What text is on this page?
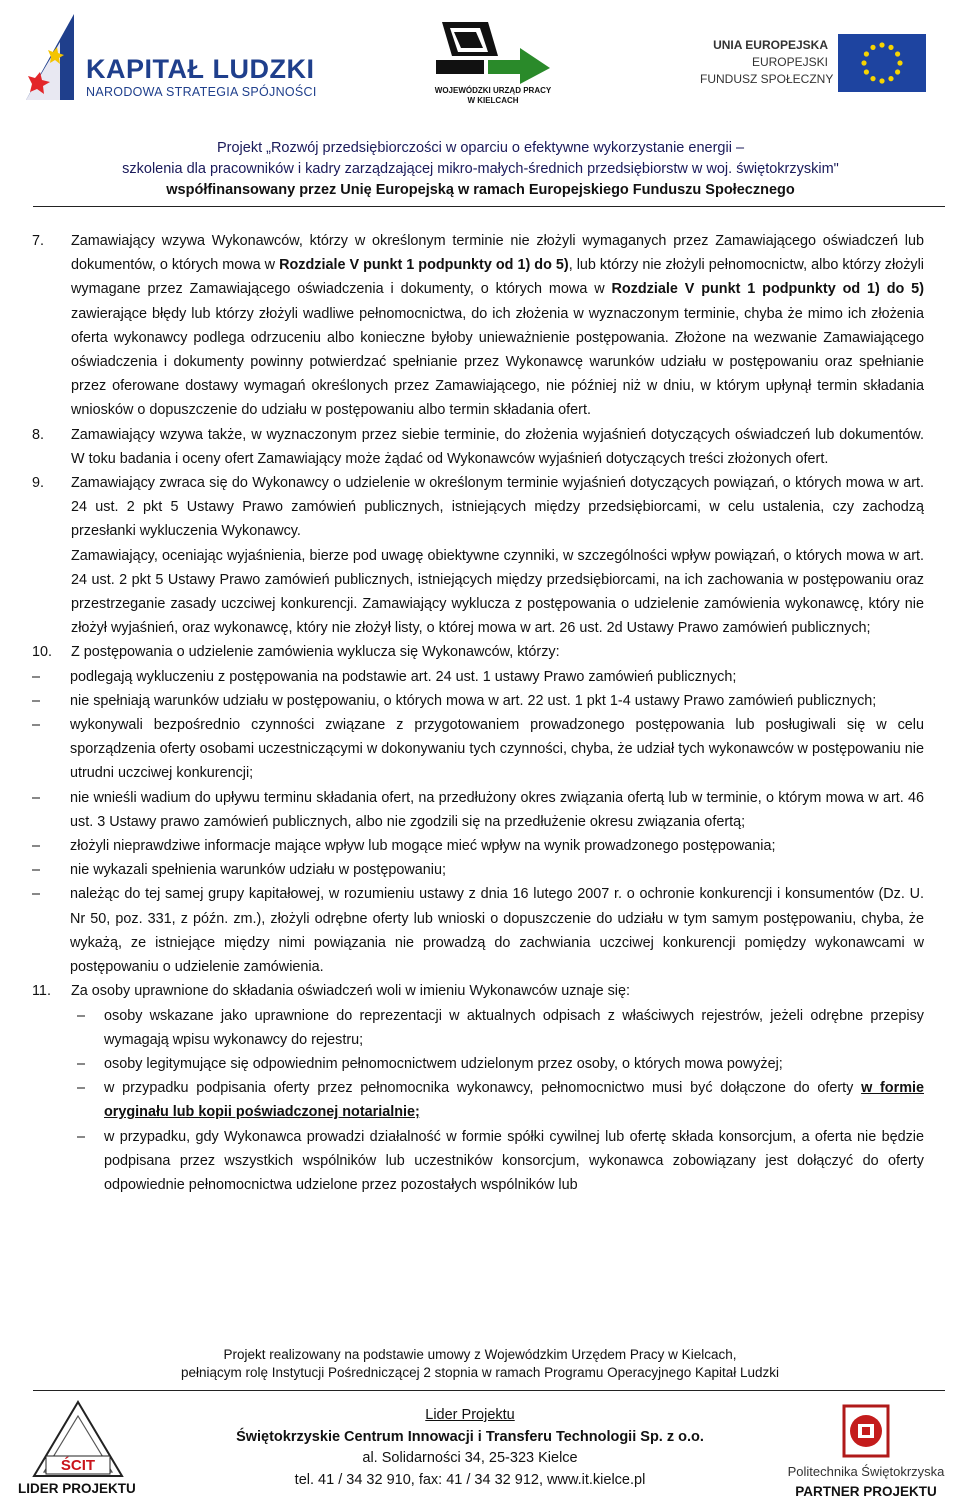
KAPITAŁ LUDZKI
NARODOWA STRATEGIA SPÓJNOŚCI	WOJEWÓDZKI URZĄD PRACY
W KIELCACH
UNIA EUROPEJSKA
EUROPEJSKI
FUNDUSZ SPOŁECZNY
Projekt „Rozwój przedsiębiorczości w oparciu o efektywne wykorzystanie energii –
szkolenia dla pracowników i kadry zarządzającej mikro-małych-średnich przedsiębiorstw w woj. świętokrzyskim"
współfinansowany przez Unię Europejską w ramach Europejskiego Funduszu Społecznego
7. Zamawiający wzywa Wykonawców, którzy w określonym terminie nie złożyli wymaganych przez Zamawiającego oświadczeń lub dokumentów, o których mowa w Rozdziale V punkt 1 podpunkty od 1) do 5), lub którzy nie złożyli pełnomocnictw, albo którzy złożyli wymagane przez Zamawiającego oświadczenia i dokumenty, o których mowa w Rozdziale V punkt 1 podpunkty od 1) do 5) zawierające błędy lub którzy złożyli wadliwe pełnomocnictwa, do ich złożenia w wyznaczonym terminie, chyba że mimo ich złożenia oferta wykonawcy podlega odrzuceniu albo konieczne byłoby unieważnienie postępowania. Złożone na wezwanie Zamawiającego oświadczenia i dokumenty powinny potwierdzać spełnianie przez Wykonawcę warunków udziału w postępowaniu oraz spełnianie przez oferowane dostawy wymagań określonych przez Zamawiającego, nie później niż w dniu, w którym upłynął termin składania wniosków o dopuszczenie do udziału w postępowaniu albo termin składania ofert.

8. Zamawiający wzywa także, w wyznaczonym przez siebie terminie, do złożenia wyjaśnień dotyczących oświadczeń lub dokumentów. W toku badania i oceny ofert Zamawiający może żądać od Wykonawców wyjaśnień dotyczących treści złożonych ofert.

9. Zamawiający zwraca się do Wykonawcy o udzielenie w określonym terminie wyjaśnień dotyczących powiązań, o których mowa w art. 24 ust. 2 pkt 5 Ustawy Prawo zamówień publicznych, istniejących między przedsiębiorcami, w celu ustalenia, czy zachodzą przesłanki wykluczenia Wykonawcy.

Zamawiający, oceniając wyjaśnienia, bierze pod uwagę obiektywne czynniki, w szczególności wpływ powiązań, o których mowa w art. 24 ust. 2 pkt 5 Ustawy Prawo zamówień publicznych, istniejących między przedsiębiorcami, na ich zachowania w postępowaniu oraz przestrzeganie zasady uczciwej konkurencji. Zamawiający wyklucza z postępowania o udzielenie zamówienia wykonawcę, który nie złożył wyjaśnień, oraz wykonawcę, który nie złożył listy, o której mowa w art. 26 ust. 2d Ustawy Prawo zamówień publicznych;

10. Z postępowania o udzielenie zamówienia wyklucza się Wykonawców, którzy:

– podlegają wykluczeniu z postępowania na podstawie art. 24 ust. 1 ustawy Prawo zamówień publicznych;
– nie spełniają warunków udziału w postępowaniu, o których mowa w art. 22 ust. 1 pkt 1-4 ustawy Prawo zamówień publicznych;
– wykonywali bezpośrednio czynności związane z przygotowaniem prowadzonego postępowania lub posługiwali się w celu sporządzenia oferty osobami uczestniczącymi w dokonywaniu tych czynności, chyba, że udział tych wykonawców w postępowaniu nie utrudni uczciwej konkurencji;
– nie wnieśli wadium do upływu terminu składania ofert, na przedłużony okres związania ofertą lub w terminie, o którym mowa w art. 46 ust. 3 Ustawy prawo zamówień publicznych, albo nie zgodzili się na przedłużenie okresu związania ofertą;
– złożyli nieprawdziwe informacje mające wpływ lub mogące mieć wpływ na wynik prowadzonego postępowania;
– nie wykazali spełnienia warunków udziału w postępowaniu;
– należąc do tej samej grupy kapitałowej, w rozumieniu ustawy z dnia 16 lutego 2007 r. o ochronie konkurencji i konsumentów (Dz. U. Nr 50, poz. 331, z późn. zm.), złożyli odrębne oferty lub wnioski o dopuszczenie do udziału w tym samym postępowaniu, chyba, że wykażą, ze istniejące między nimi powiązania nie prowadzą do zachwiania uczciwej konkurencji pomiędzy wykonawcami w postępowaniu o udzielenie zamówienia.
11. Za osoby uprawnione do składania oświadczeń woli w imieniu Wykonawców uznaje się:

– osoby wskazane jako uprawnione do reprezentacji w aktualnych odpisach z właściwych rejestrów, jeżeli odrębne przepisy wymagają wpisu wykonawcy do rejestru;
– osoby legitymujące się odpowiednim pełnomocnictwem udzielonym przez osoby, o których mowa powyżej;
– w przypadku podpisania oferty przez pełnomocnika wykonawcy, pełnomocnictwo musi być dołączone do oferty w formie oryginału lub kopii poświadczonej notarialnie;
– w przypadku, gdy Wykonawca prowadzi działalność w formie spółki cywilnej lub ofertę składa konsorcjum, a oferta nie będzie podpisana przez wszystkich wspólników lub uczestników konsorcjum, wykonawca zobowiązany jest dołączyć do oferty odpowiednie pełnomocnictwa udzielone przez pozostałych wspólników lub
Projekt realizowany na podstawie umowy z Wojewódzkim Urzędem Pracy w Kielcach,
pełniącym rolę Instytucji Pośredniczącej 2 stopnia w ramach Programu Operacyjnego Kapitał Ludzki
ŚCIT
LIDER PROJEKTU
Lider Projektu
Świętokrzyskie Centrum Innowacji i Transferu Technologii Sp. z o.o.
al. Solidarności 34, 25-323 Kielce
tel. 41 / 34 32 910, fax: 41 / 34 32 912, www.it.kielce.pl	Politechnika Świętokrzyska
PARTNER PROJEKTU
